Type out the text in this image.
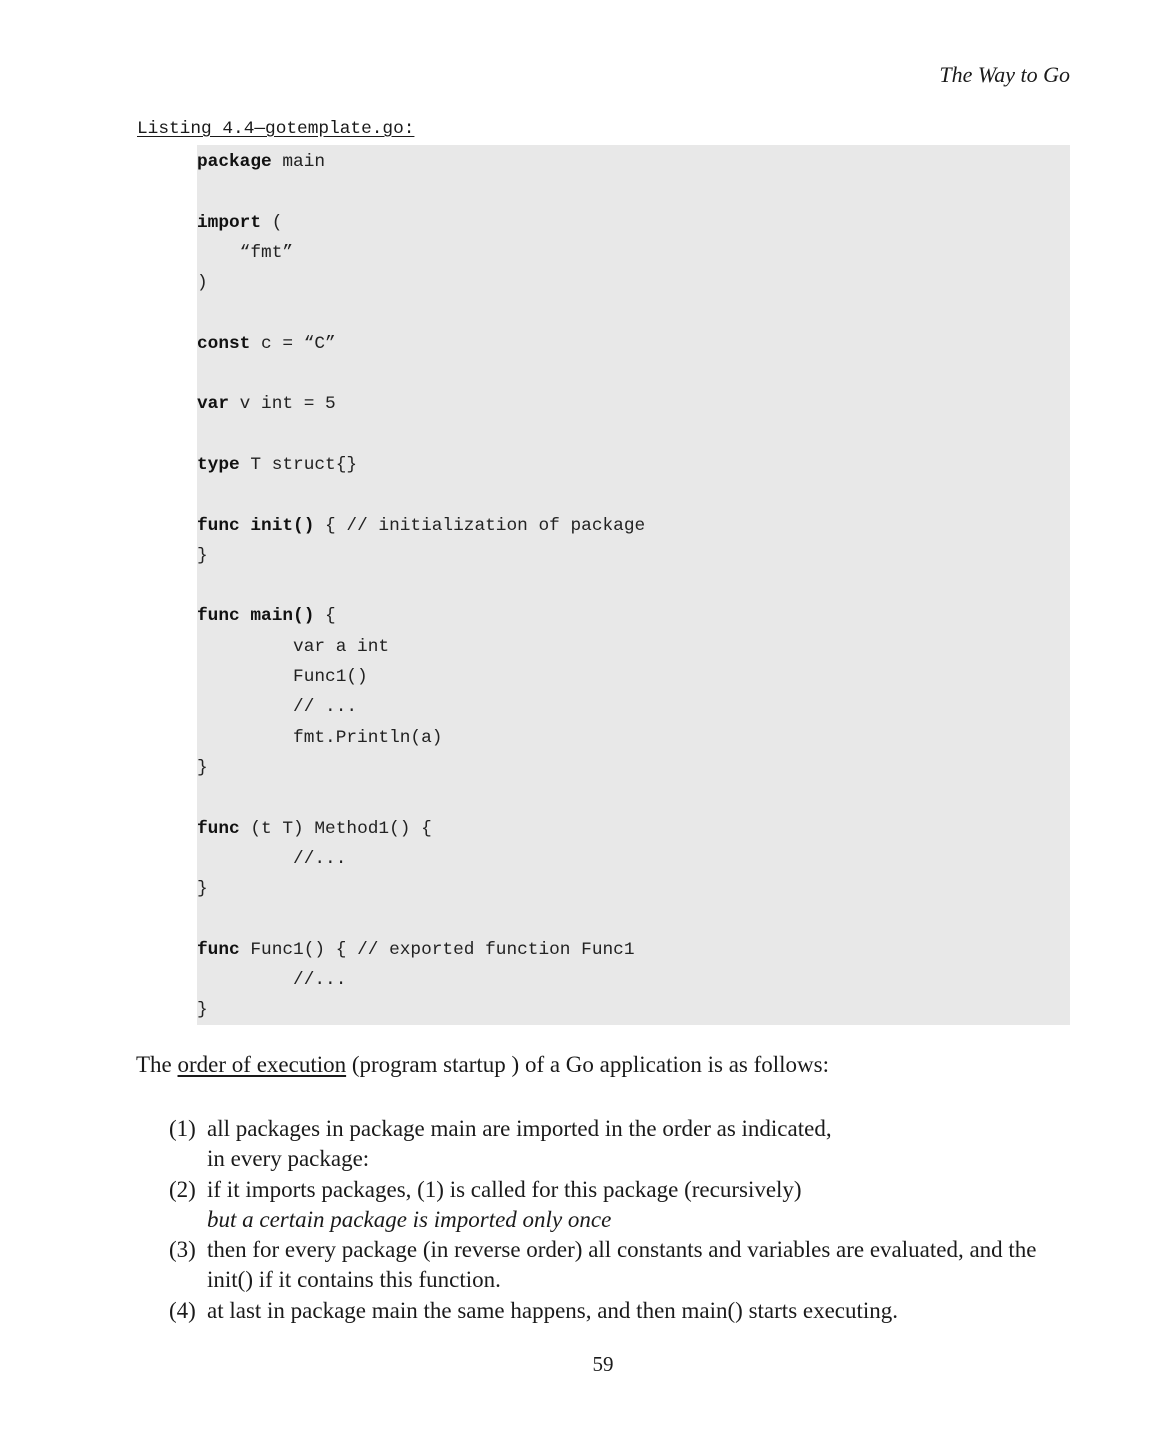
The Way to Go
Listing 4.4—gotemplate.go:
package main
import (
“fmt”
)
const c = “C”
var v int = 5
type T struct{}
func init() { // initialization of package
}
func main() {
var a int
Func1()
// ...
fmt.Println(a)
}
func (t T) Method1() {
//...
}
func Func1() { // exported function Func1
//...
}
The order of execution (program startup ) of a Go application is as follows:
(1) all packages in package main are imported in the order as indicated,
in every package:
(2) if it imports packages, (1) is called for this package (recursively)
but a certain package is imported only once
(3) then for every package (in reverse order) all constants and variables are evaluated, and the
init() if it contains this function.
(4) at last in package main the same happens, and then main() starts executing.
59
